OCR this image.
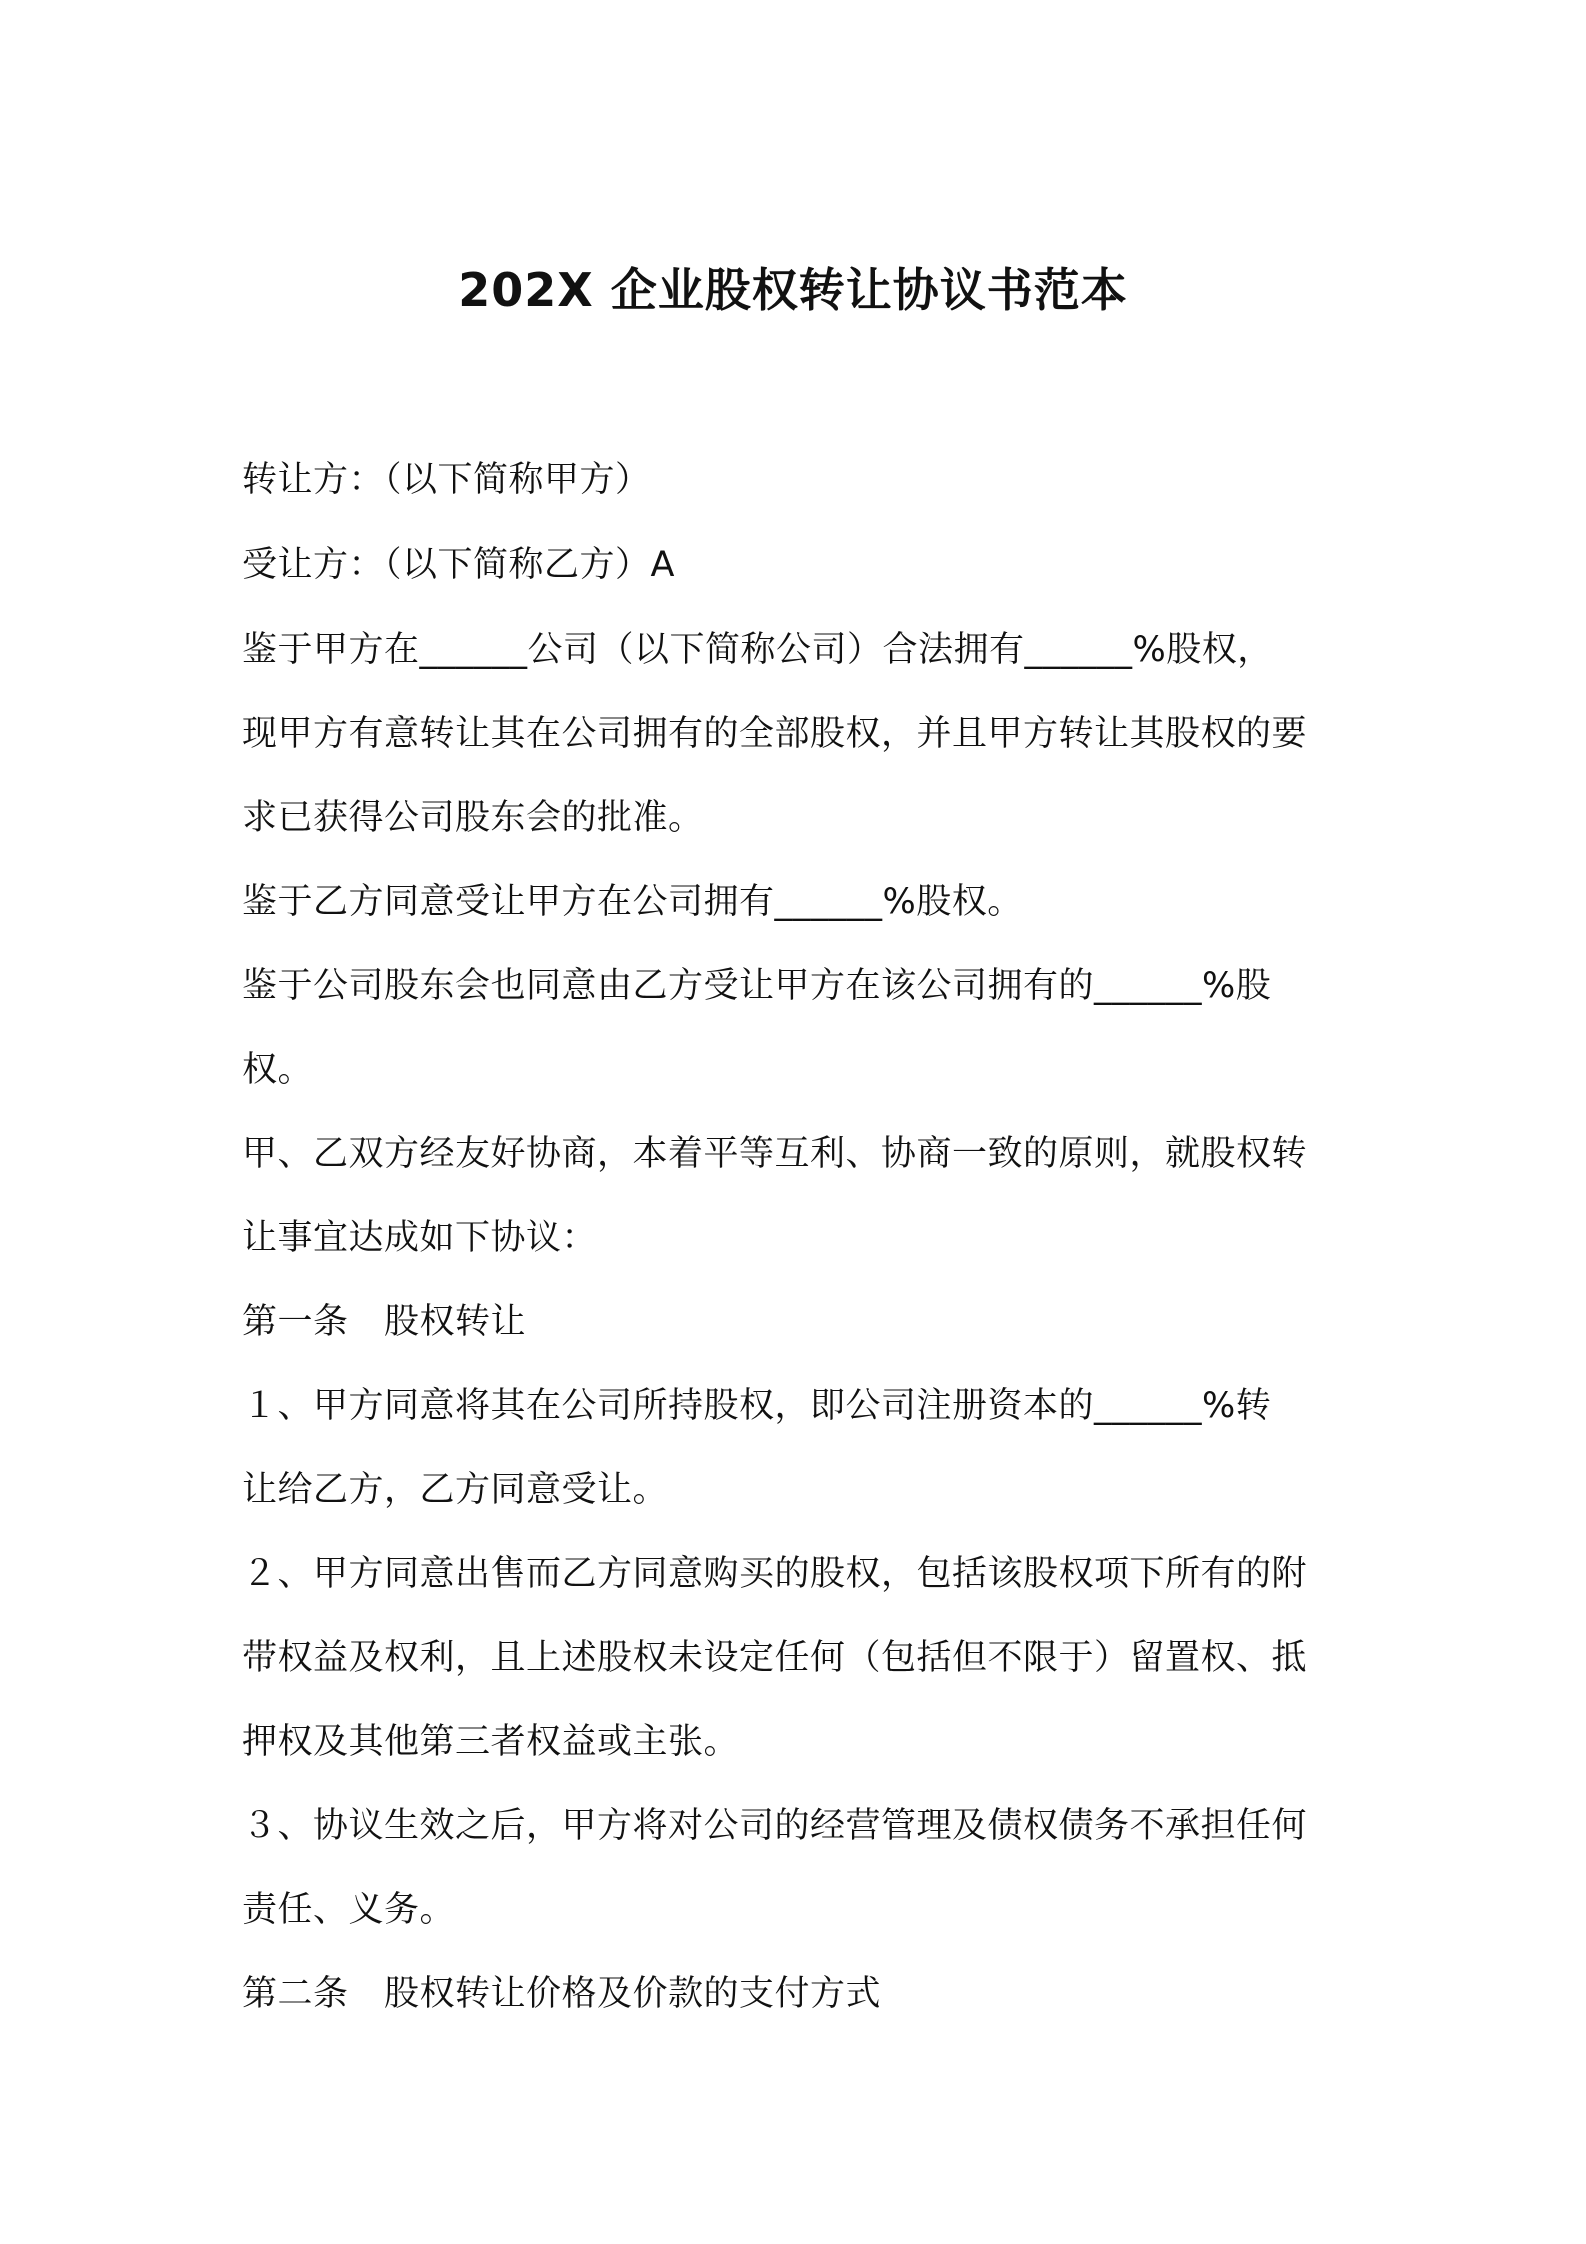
202X 企业股权转让协议书范本
转让方：（以下简称甲方）
受让方：（以下简称乙方）A
鉴于甲方在______公司（以下简称公司）合法拥有______%股权，
现甲方有意转让其在公司拥有的全部股权，并且甲方转让其股权的要
求已获得公司股东会的批准。
鉴于乙方同意受让甲方在公司拥有______%股权。
鉴于公司股东会也同意由乙方受让甲方在该公司拥有的______%股
权。
甲、乙双方经友好协商，本着平等互利、协商一致的原则，就股权转
让事宜达成如下协议：
第一条　股权转让
１、甲方同意将其在公司所持股权，即公司注册资本的______%转
让给乙方，乙方同意受让。
２、甲方同意出售而乙方同意购买的股权，包括该股权项下所有的附
带权益及权利，且上述股权未设定任何（包括但不限于）留置权、抵
押权及其他第三者权益或主张。
３、协议生效之后，甲方将对公司的经营管理及债权债务不承担任何
责任、义务。
第二条　股权转让价格及价款的支付方式
